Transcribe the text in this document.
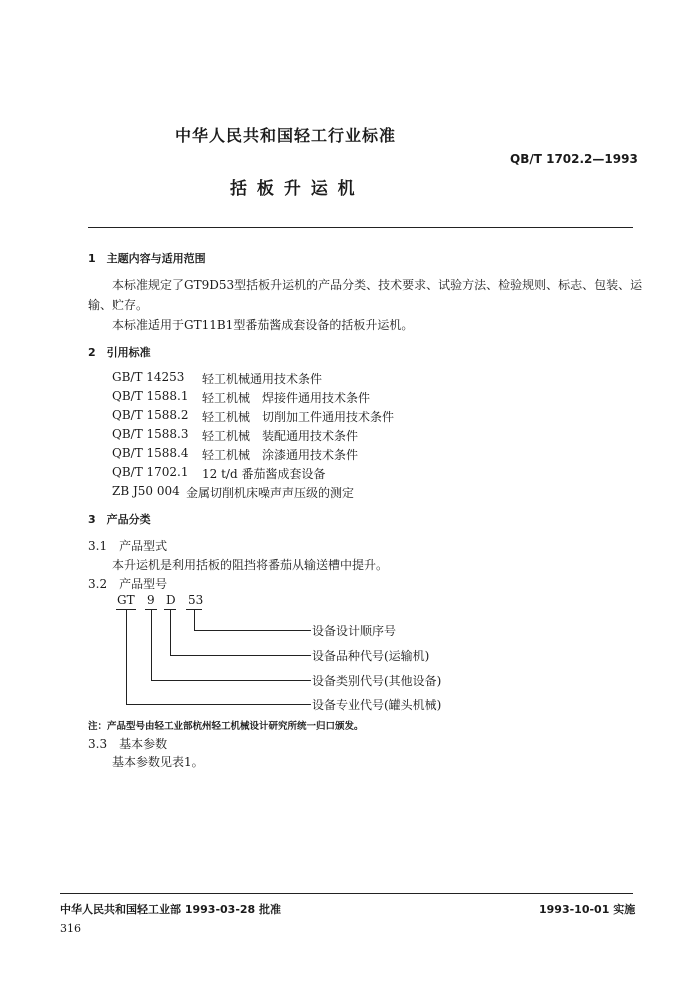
中华人民共和国轻工行业标准
QB/T 1702.2—1993
括 板 升 运 机
1　主题内容与适用范围
本标准规定了GT9D53型括板升运机的产品分类、技术要求、试验方法、检验规则、标志、包装、运
输、贮存。
本标准适用于GT11B1型番茄酱成套设备的括板升运机。
2　引用标准
GB/T 14253 轻工机械通用技术条件
QB/T 1588.1 轻工机械　焊接件通用技术条件
QB/T 1588.2 轻工机械　切削加工件通用技术条件
QB/T 1588.3 轻工机械　装配通用技术条件
QB/T 1588.4 轻工机械　涂漆通用技术条件
QB/T 1702.1 12 t/d 番茄酱成套设备
ZB J50 004 金属切削机床噪声声压级的测定
3　产品分类
3.1　产品型式
本升运机是利用括板的阻挡将番茄从输送槽中提升。
3.2　产品型号
GT 9 D 53
设备设计顺序号
设备品种代号(运输机)
设备类别代号(其他设备)
设备专业代号(罐头机械)
注：产品型号由轻工业部杭州轻工机械设计研究所统一归口颁发。
3.3　基本参数
基本参数见表1。
中华人民共和国轻工业部 1993-03-28 批准	1993-10-01 实施
316
